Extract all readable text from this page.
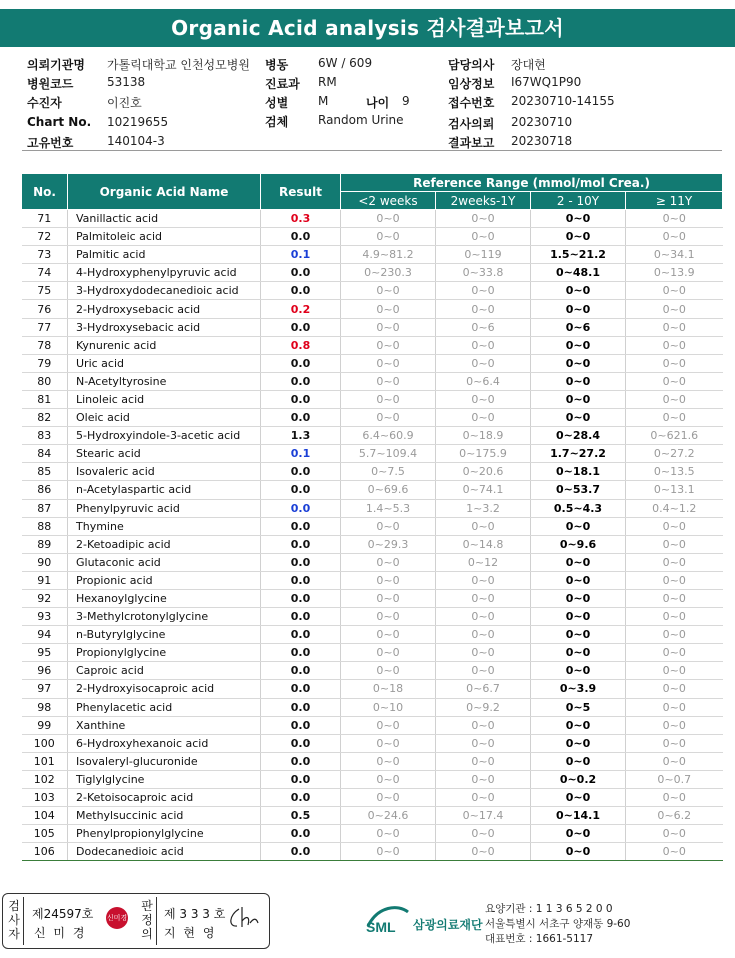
Organic Acid analysis 검사결과보고서
의뢰기관명 가톨릭대학교 인천성모병원 병동 6W / 609	담당의사 장대현
병원코드	53138	진료과 RM	임상정보 I67WQ1P90
수진자	이진호	성별 M	나이 9	접수번호 20230710-14155
Chart No. 10219655	검체 Random Urine	검사의뢰 20230710
고유번호	140104-3	결과보고 20230718
No.	Organic Acid Name	Result	Reference Range (mmol/mol Crea.)			
			<2 weeks	2weeks-1Y	2 - 10Y	≥ 11Y
71	Vanillactic acid	0.3	0~0	0~0	0~0	0~0
72	Palmitoleic acid	0.0	0~0	0~0	0~0	0~0
73	Palmitic acid	0.1	4.9~81.2	0~119	1.5~21.2	0~34.1
74	4-Hydroxyphenylpyruvic acid	0.0	0~230.3	0~33.8	0~48.1	0~13.9
75	3-Hydroxydodecanedioic acid	0.0	0~0	0~0	0~0	0~0
76	2-Hydroxysebacic acid	0.2	0~0	0~0	0~0	0~0
77	3-Hydroxysebacic acid	0.0	0~0	0~6	0~6	0~0
78	Kynurenic acid	0.8	0~0	0~0	0~0	0~0
79	Uric acid	0.0	0~0	0~0	0~0	0~0
80	N-Acetyltyrosine	0.0	0~0	0~6.4	0~0	0~0
81	Linoleic acid	0.0	0~0	0~0	0~0	0~0
82	Oleic acid	0.0	0~0	0~0	0~0	0~0
83	5-Hydroxyindole-3-acetic acid	1.3	6.4~60.9	0~18.9	0~28.4	0~621.6
84	Stearic acid	0.1	5.7~109.4	0~175.9	1.7~27.2	0~27.2
85	Isovaleric acid	0.0	0~7.5	0~20.6	0~18.1	0~13.5
86	n-Acetylaspartic acid	0.0	0~69.6	0~74.1	0~53.7	0~13.1
87	Phenylpyruvic acid	0.0	1.4~5.3	1~3.2	0.5~4.3	0.4~1.2
88	Thymine	0.0	0~0	0~0	0~0	0~0
89	2-Ketoadipic acid	0.0	0~29.3	0~14.8	0~9.6	0~0
90	Glutaconic acid	0.0	0~0	0~12	0~0	0~0
91	Propionic acid	0.0	0~0	0~0	0~0	0~0
92	Hexanoylglycine	0.0	0~0	0~0	0~0	0~0
93	3-Methylcrotonylglycine	0.0	0~0	0~0	0~0	0~0
94	n-Butyrylglycine	0.0	0~0	0~0	0~0	0~0
95	Propionylglycine	0.0	0~0	0~0	0~0	0~0
96	Caproic acid	0.0	0~0	0~0	0~0	0~0
97	2-Hydroxyisocaproic acid	0.0	0~18	0~6.7	0~3.9	0~0
98	Phenylacetic acid	0.0	0~10	0~9.2	0~5	0~0
99	Xanthine	0.0	0~0	0~0	0~0	0~0
100	6-Hydroxyhexanoic acid	0.0	0~0	0~0	0~0	0~0
101	Isovaleryl-glucuronide	0.0	0~0	0~0	0~0	0~0
102	Tiglylglycine	0.0	0~0	0~0	0~0.2	0~0.7
103	2-Ketoisocaproic acid	0.0	0~0	0~0	0~0	0~0
104	Methylsuccinic acid	0.5	0~24.6	0~17.4	0~14.1	0~6.2
105	Phenylpropionylglycine	0.0	0~0	0~0	0~0	0~0
106	Dodecanedioic acid	0.0	0~0	0~0	0~0	0~0
검사자
제24597호
신 미 경
신미경
판정의
제 3 3 3 호
지 현 영	SML 삼광의료재단
요양기관 : 1 1 3 6 5 2 0 0
서울특별시 서초구 양재동 9-60
대표번호 : 1661-5117
